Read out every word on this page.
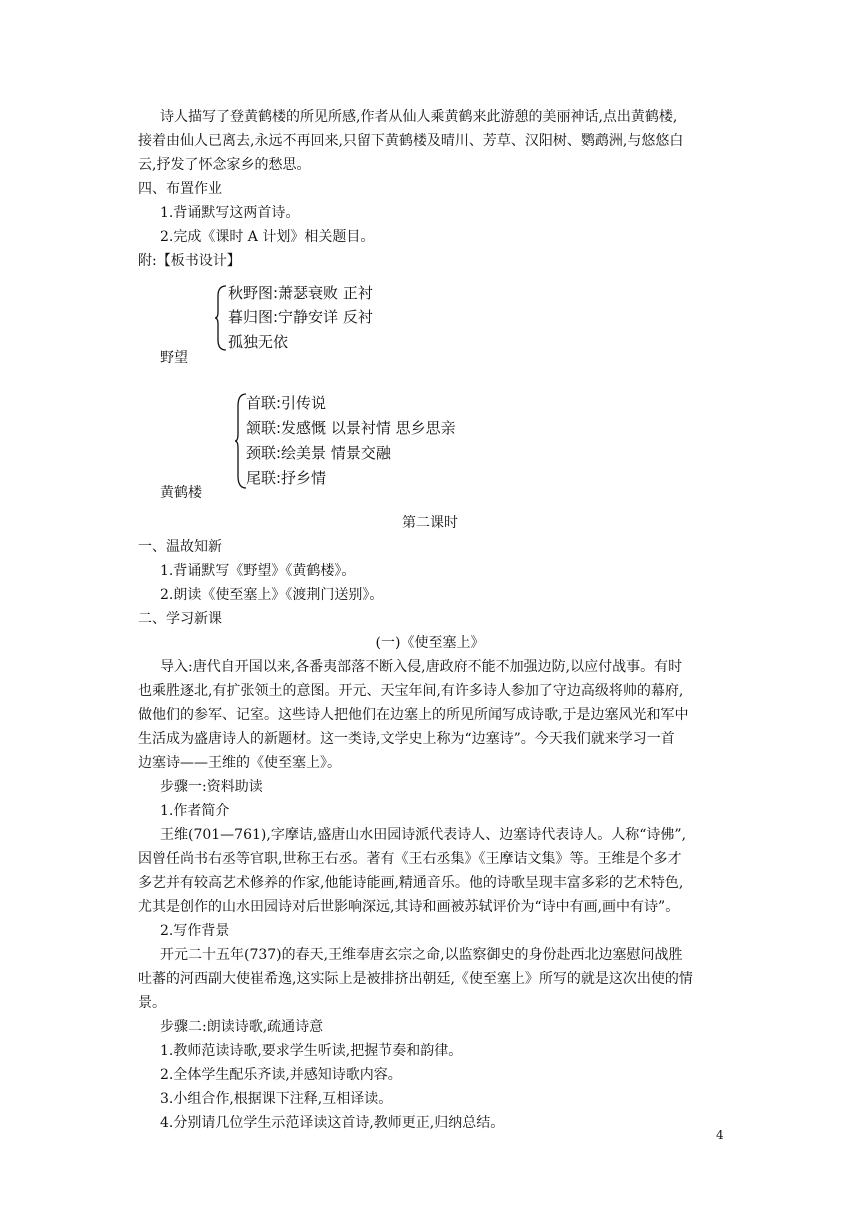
诗人描写了登黄鹤楼的所见所感,作者从仙人乘黄鹤来此游憩的美丽神话,点出黄鹤楼,
接着由仙人已离去,永远不再回来,只留下黄鹤楼及晴川、芳草、汉阳树、鹦鹉洲,与悠悠白
云,抒发了怀念家乡的愁思。
四、布置作业
1.背诵默写这两首诗。
2.完成《课时 A 计划》相关题目。
附:【板书设计】
秋野图:萧瑟衰败 正衬
暮归图:宁静安详 反衬
孤独无依
野望
首联:引传说
颔联:发感慨 以景衬情 思乡思亲
颈联:绘美景 情景交融
尾联:抒乡情
黄鹤楼
第二课时
一、温故知新
1.背诵默写《野望》《黄鹤楼》。
2.朗读《使至塞上》《渡荆门送别》。
二、学习新课
(一)《使至塞上》
导入:唐代自开国以来,各番夷部落不断入侵,唐政府不能不加强边防,以应付战事。有时
也乘胜逐北,有扩张领土的意图。开元、天宝年间,有许多诗人参加了守边高级将帅的幕府,
做他们的参军、记室。这些诗人把他们在边塞上的所见所闻写成诗歌,于是边塞风光和军中
生活成为盛唐诗人的新题材。这一类诗,文学史上称为“边塞诗”。今天我们就来学习一首
边塞诗——王维的《使至塞上》。
步骤一:资料助读
1.作者简介
王维(701—761),字摩诘,盛唐山水田园诗派代表诗人、边塞诗代表诗人。人称“诗佛”,
因曾任尚书右丞等官职,世称王右丞。著有《王右丞集》《王摩诘文集》等。王维是个多才
多艺并有较高艺术修养的作家,他能诗能画,精通音乐。他的诗歌呈现丰富多彩的艺术特色,
尤其是创作的山水田园诗对后世影响深远,其诗和画被苏轼评价为“诗中有画,画中有诗”。
2.写作背景
开元二十五年(737)的春天,王维奉唐玄宗之命,以监察御史的身份赴西北边塞慰问战胜
吐蕃的河西副大使崔希逸,这实际上是被排挤出朝廷,《使至塞上》所写的就是这次出使的情
景。
步骤二:朗读诗歌,疏通诗意
1.教师范读诗歌,要求学生听读,把握节奏和韵律。
2.全体学生配乐齐读,并感知诗歌内容。
3.小组合作,根据课下注释,互相译读。
4.分别请几位学生示范译读这首诗,教师更正,归纳总结。
4
